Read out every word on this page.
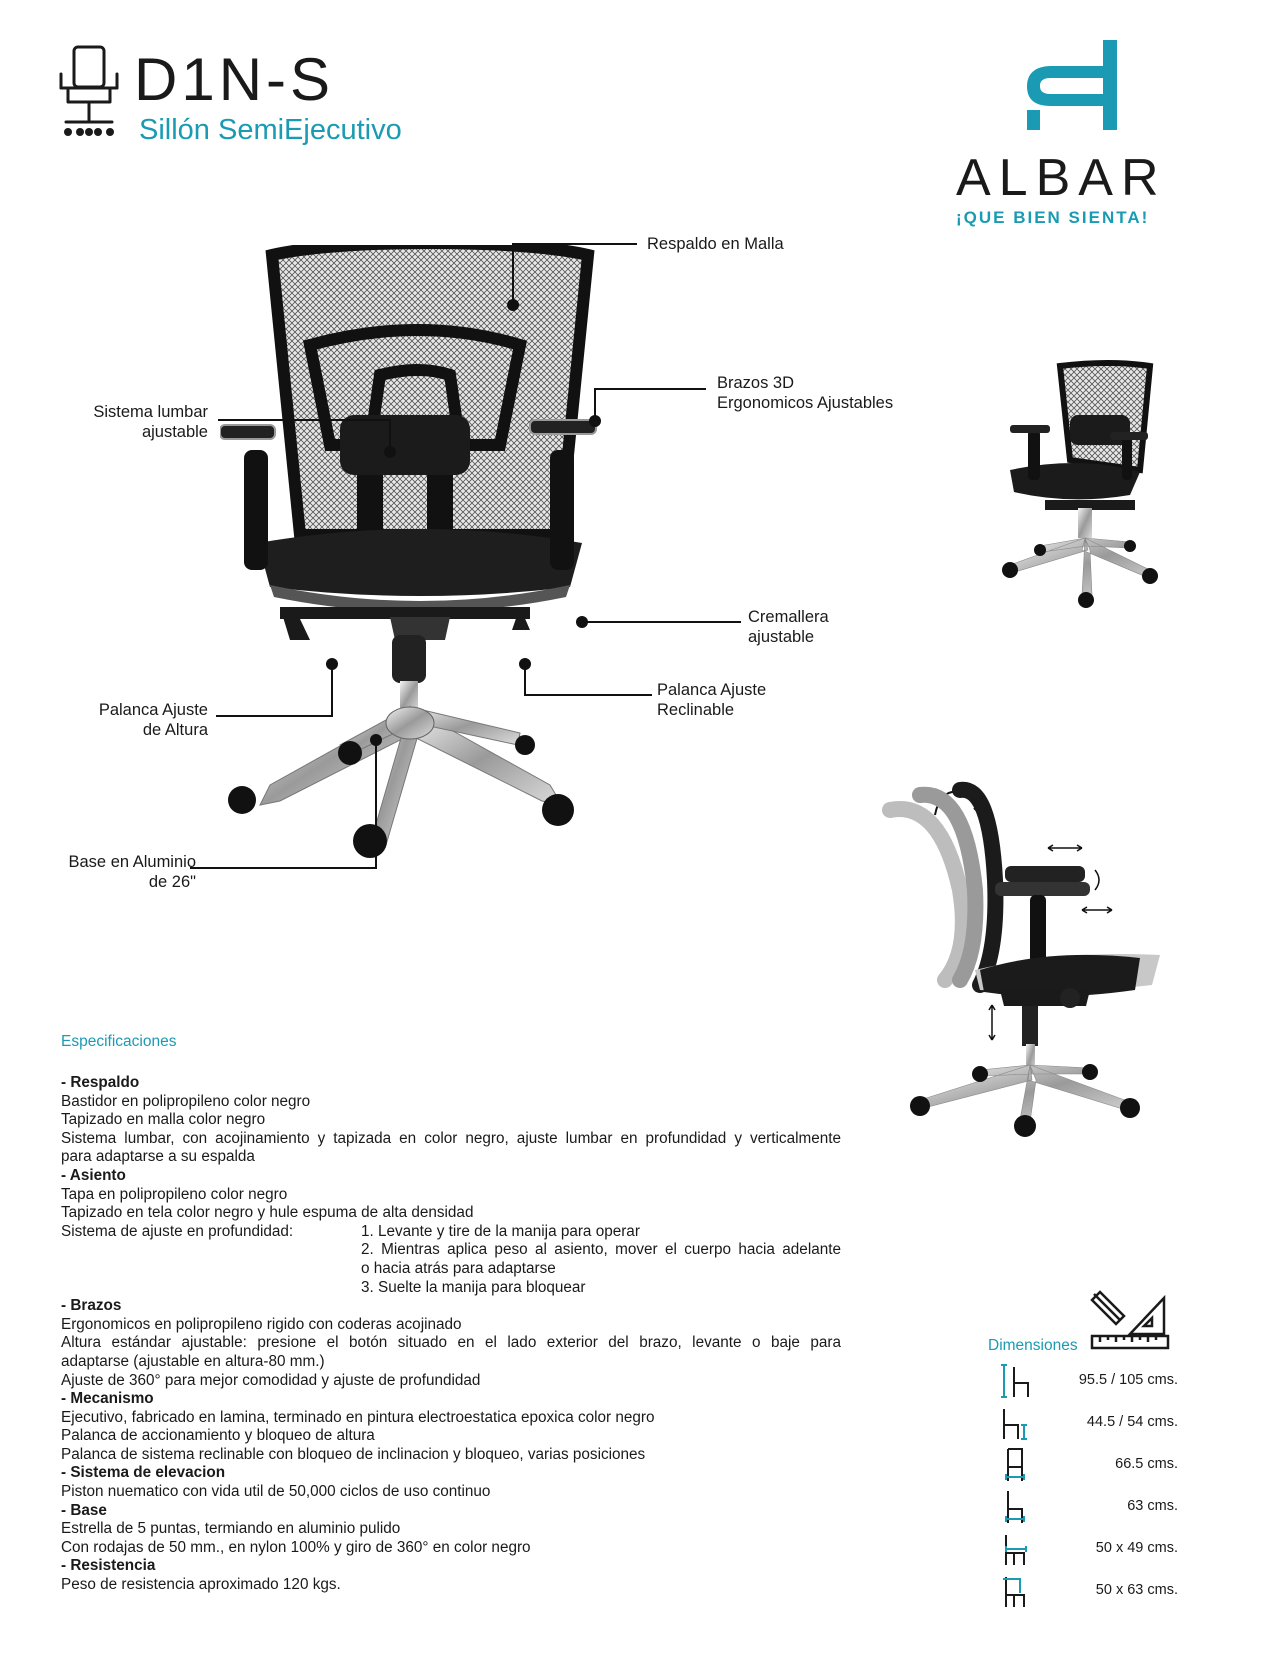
D1N-S
Sillón SemiEjecutivo
ALBAR
¡QUE BIEN SIENTA!
Respaldo en Malla
Brazos 3D
Ergonomicos Ajustables
Sistema lumbar
ajustable
Cremallera
ajustable
Palanca Ajuste
Reclinable
Palanca Ajuste
de Altura
Base en Aluminio
de 26"
Especificaciones
- Respaldo
Bastidor en polipropileno color negro
Tapizado en malla color negro
Sistema lumbar, con acojinamiento y tapizada en color negro, ajuste lumbar en profundidad y verticalmente
para adaptarse a su espalda
- Asiento
Tapa en polipropileno color negro
Tapizado en tela color negro y hule espuma de alta densidad
Sistema de ajuste en profundidad:	1. Levante y tire de la manija para operar
2. Mientras aplica peso al asiento, mover el cuerpo hacia adelante
o hacia atrás para adaptarse
3. Suelte la manija para bloquear
- Brazos
Ergonomicos en polipropileno rigido con coderas acojinado
Altura estándar ajustable: presione el botón situado en el lado exterior del brazo, levante o baje para
adaptarse (ajustable en altura-80 mm.)
Ajuste de 360° para mejor comodidad y ajuste de profundidad
- Mecanismo
Ejecutivo, fabricado en lamina, terminado en pintura electroestatica epoxica color negro
Palanca de accionamiento y bloqueo de altura
Palanca de sistema reclinable con bloqueo de inclinacion y bloqueo, varias posiciones
- Sistema de elevacion
Piston nuematico con vida util de 50,000 ciclos de uso continuo
- Base
Estrella de 5 puntas, termiando en aluminio pulido
Con rodajas de 50 mm., en nylon 100% y giro de 360° en color negro
- Resistencia
Peso de resistencia aproximado 120 kgs.
Dimensiones
95.5 / 105 cms.
44.5 / 54 cms.
66.5 cms.
63 cms.
50 x 49 cms.
50 x 63 cms.
